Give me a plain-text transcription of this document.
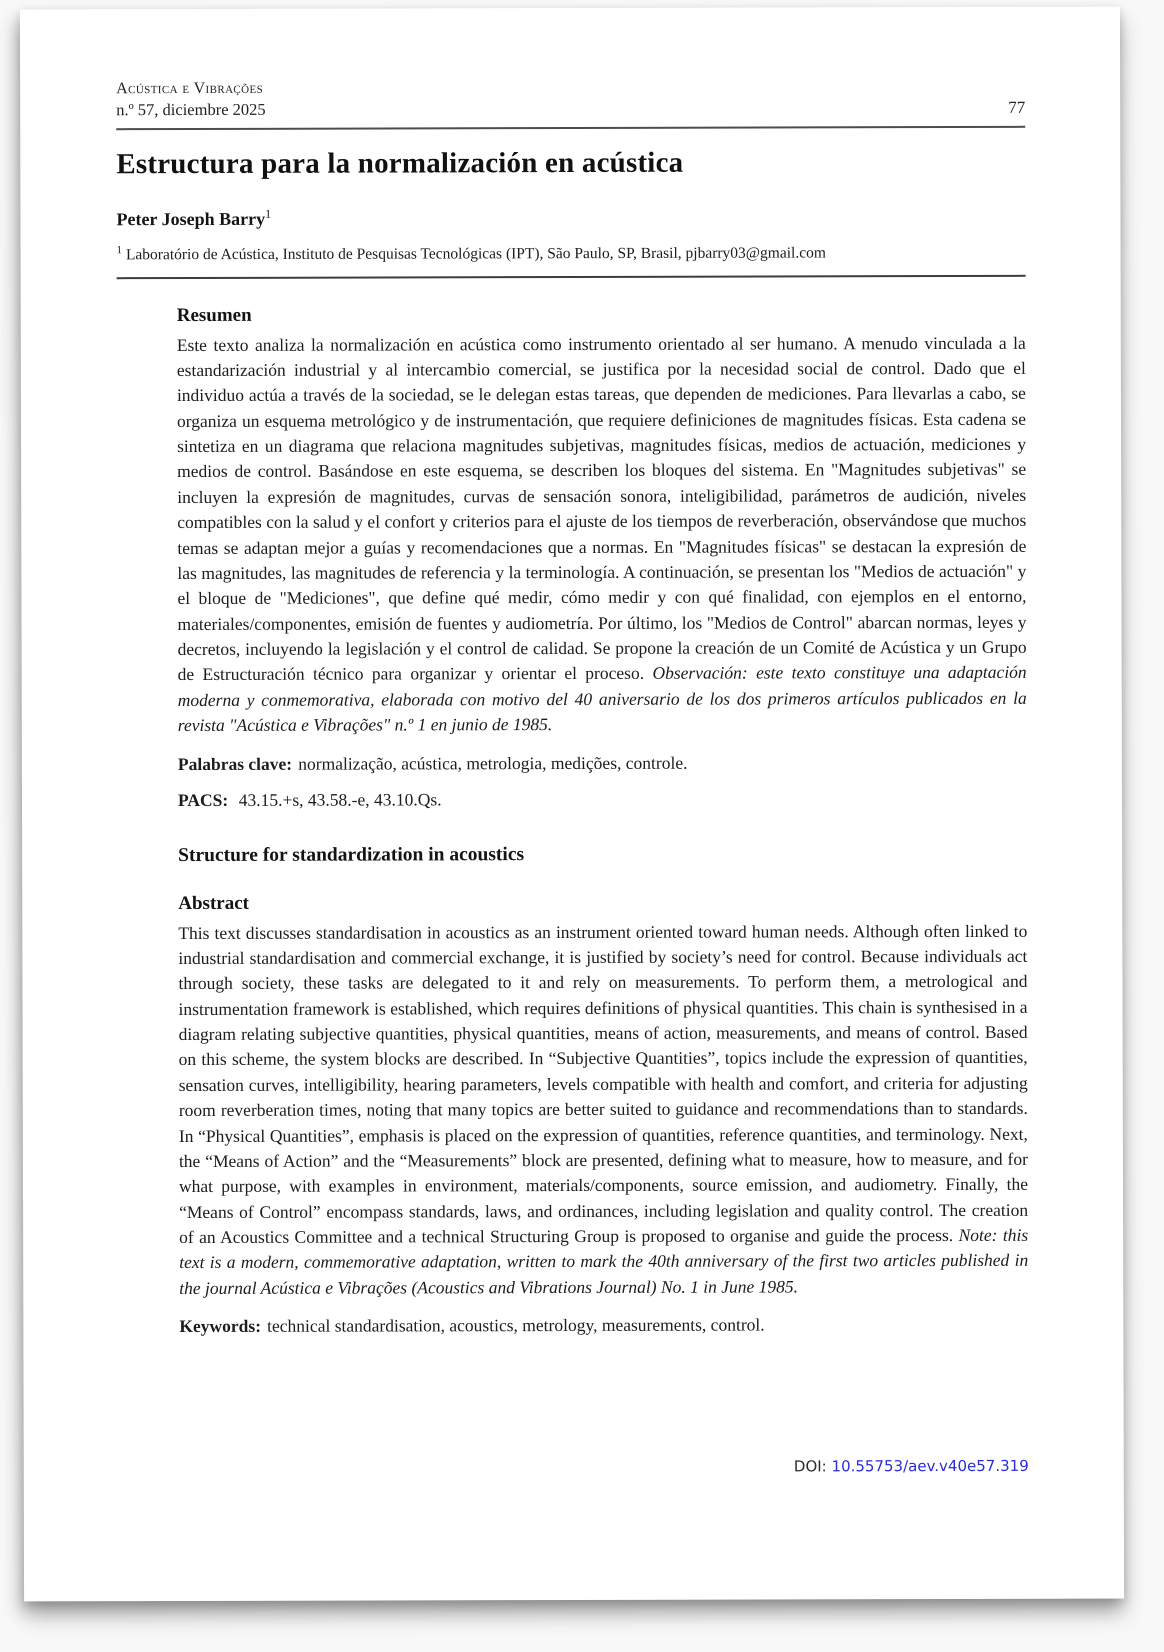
Acústica e Vibrações
n.º 57, diciembre 2025	77
Estructura para la normalización en acústica
Peter Joseph Barry$^1$
$^1$ Laboratório de Acústica, Instituto de Pesquisas Tecnológicas (IPT), São Paulo, SP, Brasil, pjbarry03@gmail.com
Resumen

Este texto analiza la normalización en acústica como instrumento orientado al ser humano. A menudo vinculada a la estandarización industrial y al intercambio comercial, se justifica por la necesidad social de control. Dado que el individuo actúa a través de la sociedad, se le delegan estas tareas, que dependen de mediciones. Para llevarlas a cabo, se organiza un esquema metrológico y de instrumentación, que requiere definiciones de magnitudes físicas. Esta cadena se sintetiza en un diagrama que relaciona magnitudes subjetivas, magnitudes físicas, medios de actuación, mediciones y medios de control. Basándose en este esquema, se describen los bloques del sistema. En "Magnitudes subjetivas" se incluyen la expresión de magnitudes, curvas de sensación sonora, inteligibilidad, parámetros de audición, niveles compatibles con la salud y el confort y criterios para el ajuste de los tiempos de reverberación, observándose que muchos temas se adaptan mejor a guías y recomendaciones que a normas. En "Magnitudes físicas" se destacan la expresión de las magnitudes, las magnitudes de referencia y la terminología. A continuación, se presentan los "Medios de actuación" y el bloque de "Mediciones", que define qué medir, cómo medir y con qué finalidad, con ejemplos en el entorno, materiales/componentes, emisión de fuentes y audiometría. Por último, los "Medios de Control" abarcan normas, leyes y decretos, incluyendo la legislación y el control de calidad. Se propone la creación de un Comité de Acústica y un Grupo de Estructuración técnico para organizar y orientar el proceso. Observación: este texto constituye una adaptación moderna y conmemorativa, elaborada con motivo del 40 aniversario de los dos primeros artículos publicados en la revista "Acústica e Vibrações" n.º 1 en junio de 1985.

Palabras clave: normalização, acústica, metrologia, medições, controle.
PACS: 43.15.+s, 43.58.-e, 43.10.Qs.
Structure for standardization in acoustics
Abstract

This text discusses standardisation in acoustics as an instrument oriented toward human needs. Although often linked to industrial standardisation and commercial exchange, it is justified by society’s need for control. Because individuals act through society, these tasks are delegated to it and rely on measurements. To perform them, a metrological and instrumentation framework is established, which requires definitions of physical quantities. This chain is synthesised in a diagram relating subjective quantities, physical quantities, means of action, measurements, and means of control. Based on this scheme, the system blocks are described. In “Subjective Quantities”, topics include the expression of quantities, sensation curves, intelligibility, hearing parameters, levels compatible with health and comfort, and criteria for adjusting room reverberation times, noting that many topics are better suited to guidance and recommendations than to standards. In “Physical Quantities”, emphasis is placed on the expression of quantities, reference quantities, and terminology. Next, the “Means of Action” and the “Measurements” block are presented, defining what to measure, how to measure, and for what purpose, with examples in environment, materials/components, source emission, and audiometry. Finally, the “Means of Control” encompass standards, laws, and ordinances, including legislation and quality control. The creation of an Acoustics Committee and a technical Structuring Group is proposed to organise and guide the process. Note: this text is a modern, commemorative adaptation, written to mark the 40th anniversary of the first two articles published in the journal Acústica e Vibrações (Acoustics and Vibrations Journal) No. 1 in June 1985.

Keywords: technical standardisation, acoustics, metrology, measurements, control.
DOI: 10.55753/aev.v40e57.319
